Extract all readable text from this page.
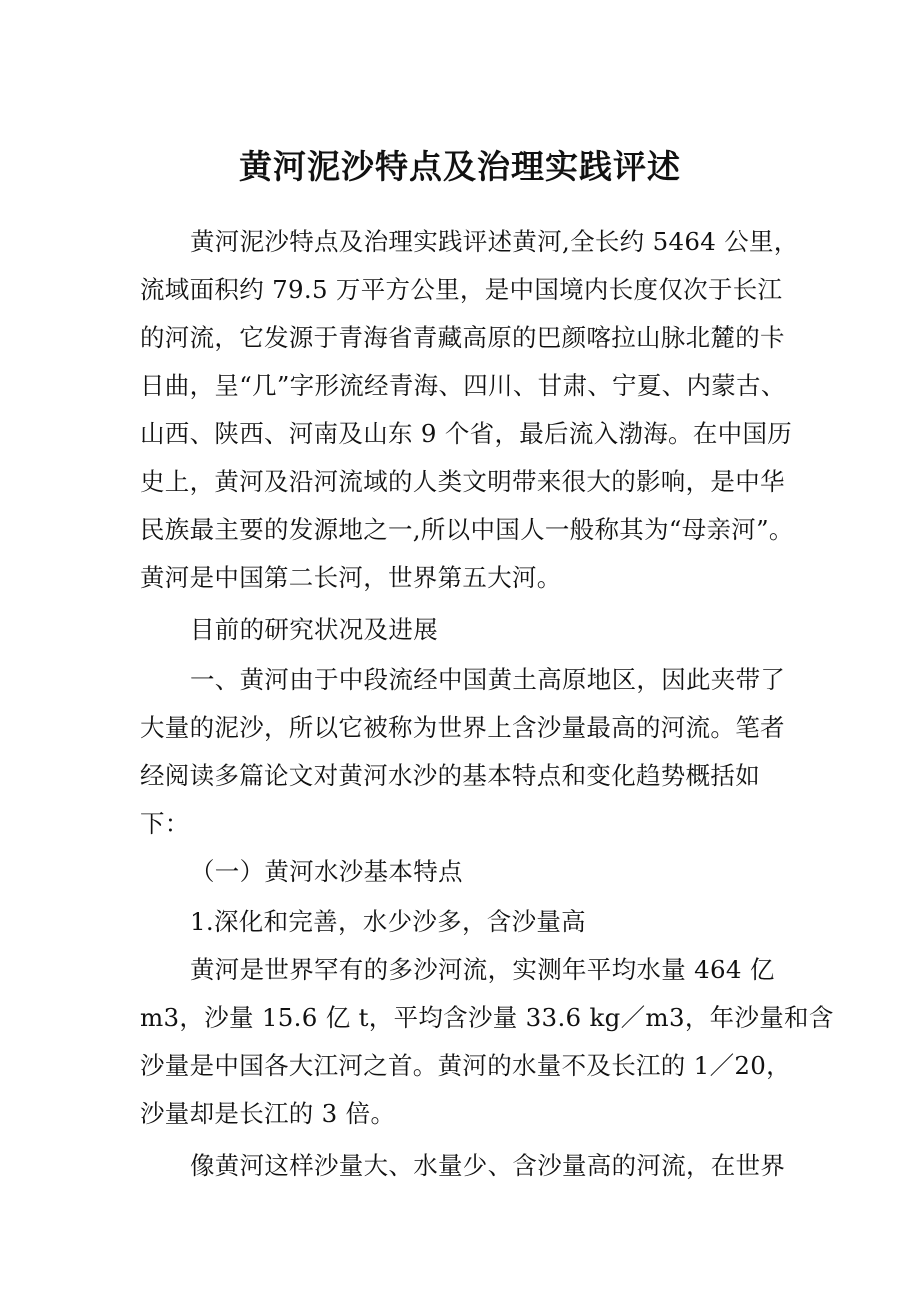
黄河泥沙特点及治理实践评述
黄河泥沙特点及治理实践评述黄河,全长约 5464 公里，
流域面积约 79.5 万平方公里，是中国境内长度仅次于长江
的河流，它发源于青海省青藏高原的巴颜喀拉山脉北麓的卡
日曲，呈“几”字形流经青海、四川、甘肃、宁夏、内蒙古、
山西、陕西、河南及山东 9 个省，最后流入渤海。在中国历
史上，黄河及沿河流域的人类文明带来很大的影响，是中华
民族最主要的发源地之一,所以中国人一般称其为“母亲河”。
黄河是中国第二长河，世界第五大河。
目前的研究状况及进展
一、黄河由于中段流经中国黄土高原地区，因此夹带了
大量的泥沙，所以它被称为世界上含沙量最高的河流。笔者
经阅读多篇论文对黄河水沙的基本特点和变化趋势概括如
下：
（一）黄河水沙基本特点
1.深化和完善，水少沙多，含沙量高
黄河是世界罕有的多沙河流，实测年平均水量 464 亿
m3，沙量 15.6 亿 t，平均含沙量 33.6 kg／m3，年沙量和含
沙量是中国各大江河之首。黄河的水量不及长江的 1／20，
沙量却是长江的 3 倍。
像黄河这样沙量大、水量少、含沙量高的河流，在世界
